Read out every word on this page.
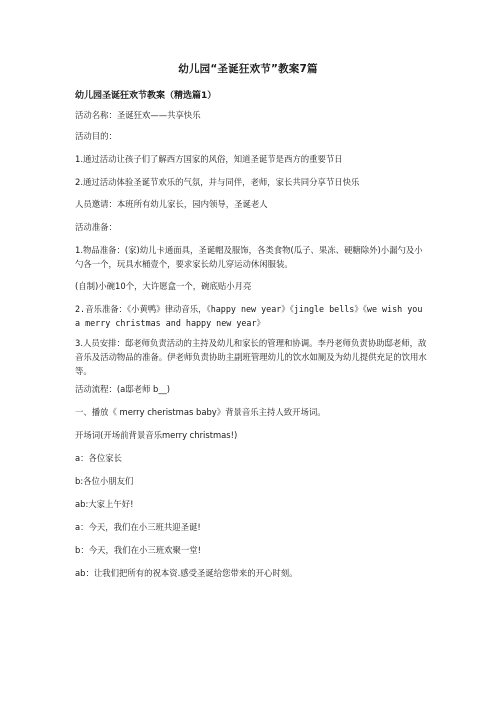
幼儿园“圣诞狂欢节”教案7篇
幼儿园圣诞狂欢节教案（精选篇1）
活动名称：圣诞狂欢——共享快乐
活动目的：
1.通过活动让孩子们了解西方国家的风俗，知道圣诞节是西方的重要节日
2.通过活动体验圣诞节欢乐的气氛，并与同伴，老师，家长共同分享节日快乐
人员邀请：本班所有幼儿家长，园内领导，圣诞老人
活动准备：
1.物品准备：(家)幼儿卡通面具，圣诞帽及服饰，各类食物(瓜子、果冻、硬糖除外)小漏勺及小勺各一个，玩具水桶壹个，要求家长幼儿穿运动休闲服装。
(自制)小碗10个，大许愿盒一个，碗底贴小月亮
2.音乐准备：《小黄鸭》律动音乐，《happy new year》《jingle bells》《we wish you a merry christmas and happy new year》
3.人员安排：邸老师负责活动的主持及幼儿和家长的管理和协调。李丹老师负责协助邸老师，敌音乐及活动物品的准备。伊老师负责协助主副班管理幼儿的饮水如厕及为幼儿提供充足的饮用水等。
活动流程：(a邸老师 b__)
一、播放《 merry cheristmas baby》背景音乐主持人致开场词。
开场词(开场前背景音乐merry christmas!)
a：各位家长
b:各位小朋友们
ab:大家上午好!
a：今天，我们在小三班共迎圣诞!
b：今天，我们在小三班欢聚一堂!
ab：让我们把所有的祝本资.感受圣诞给您带来的开心时刻。
